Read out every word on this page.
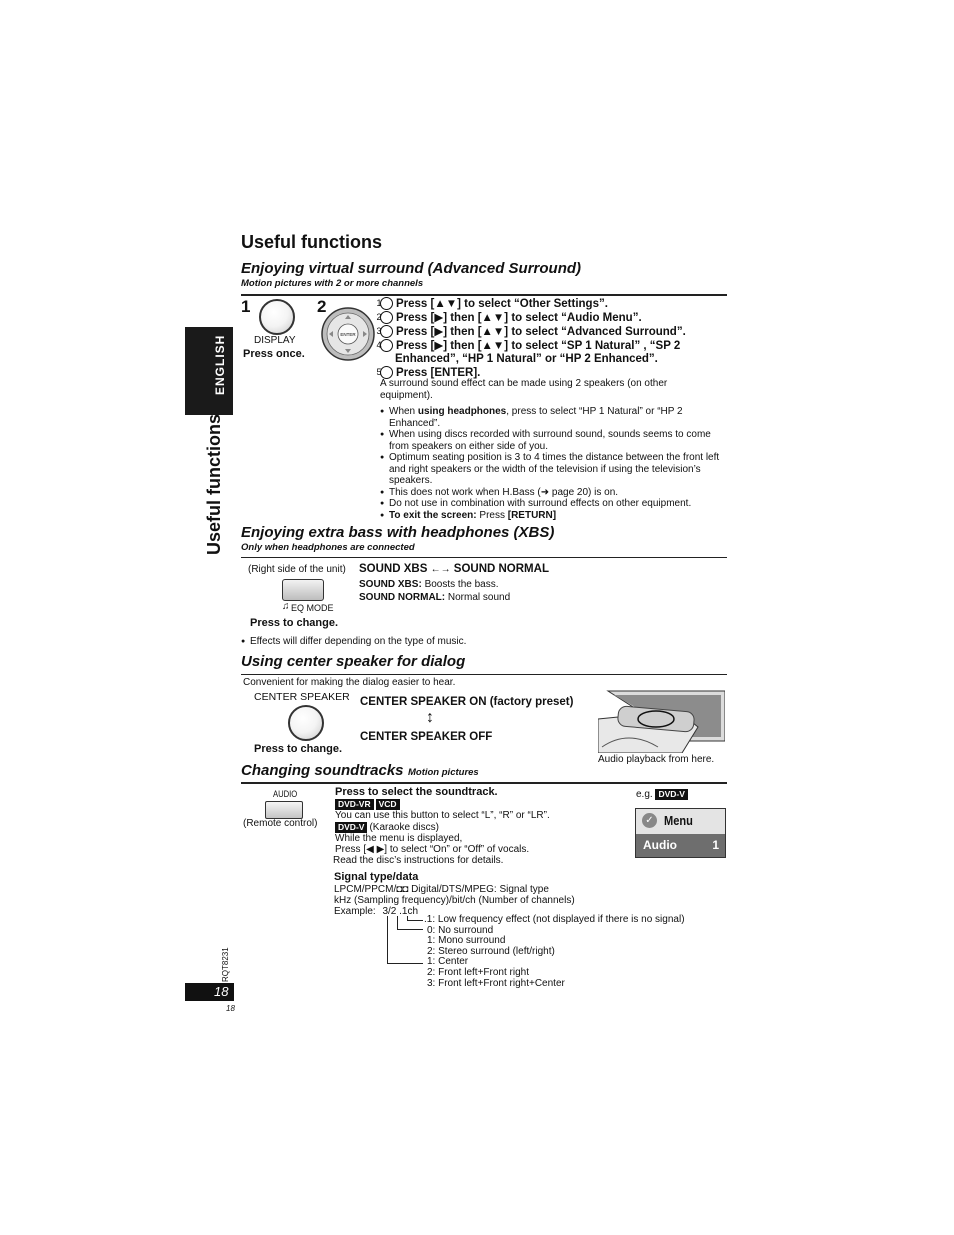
ENGLISH
Useful functions
RQT8231
18
18
Useful functions
Enjoying virtual surround (Advanced Surround)
Motion pictures with 2 or more channels
1
DISPLAY
Press once.
2
ENTER
1 Press [▲▼] to select “Other Settings”.
2 Press [▶] then [▲▼] to select “Audio Menu”.
3 Press [▶] then [▲▼] to select “Advanced Surround”.
4 Press [▶] then [▲▼] to select “SP 1 Natural” , “SP 2 Enhanced”, “HP 1 Natural” or “HP 2 Enhanced”.
5 Press [ENTER].
A surround sound effect can be made using 2 speakers (on other equipment).
● When using headphones, press to select “HP 1 Natural” or “HP 2 Enhanced”.
● When using discs recorded with surround sound, sounds seems to come from speakers on either side of you.
● Optimum seating position is 3 to 4 times the distance between the front left and right speakers or the width of the television if using the television’s speakers.
● This does not work when H.Bass (➜ page 20) is on.
● Do not use in combination with surround effects on other equipment.
● To exit the screen: Press [RETURN]
Enjoying extra bass with headphones (XBS)
Only when headphones are connected
(Right side of the unit)
♫ EQ MODE
Press to change.
SOUND XBS ←→ SOUND NORMAL
SOUND XBS: Boosts the bass.
SOUND NORMAL: Normal sound
● Effects will differ depending on the type of music.
Using center speaker for dialog
Convenient for making the dialog easier to hear.
CENTER SPEAKER
Press to change.
CENTER SPEAKER ON (factory preset)
↕
CENTER SPEAKER OFF
Audio playback from here.
Changing soundtracks Motion pictures
AUDIO
(Remote control)
Press to select the soundtrack.
DVD-VR VCD
You can use this button to select “L”, “R” or “LR”.
DVD-V (Karaoke discs)
While the menu is displayed,
Press [◀ ▶] to select “On” or “Off” of vocals.
Read the disc’s instructions for details.
e.g. DVD-V
✓ Menu
Audio	1
Signal type/data
LPCM/PPCM/◘◘ Digital/DTS/MPEG: Signal type
kHz (Sampling frequency)/bit/ch (Number of channels)
Example: 3/2 .1ch
.1: Low frequency effect (not displayed if there is no signal)
0: No surround
1: Mono surround
2: Stereo surround (left/right)
1: Center
2: Front left+Front right
3: Front left+Front right+Center
